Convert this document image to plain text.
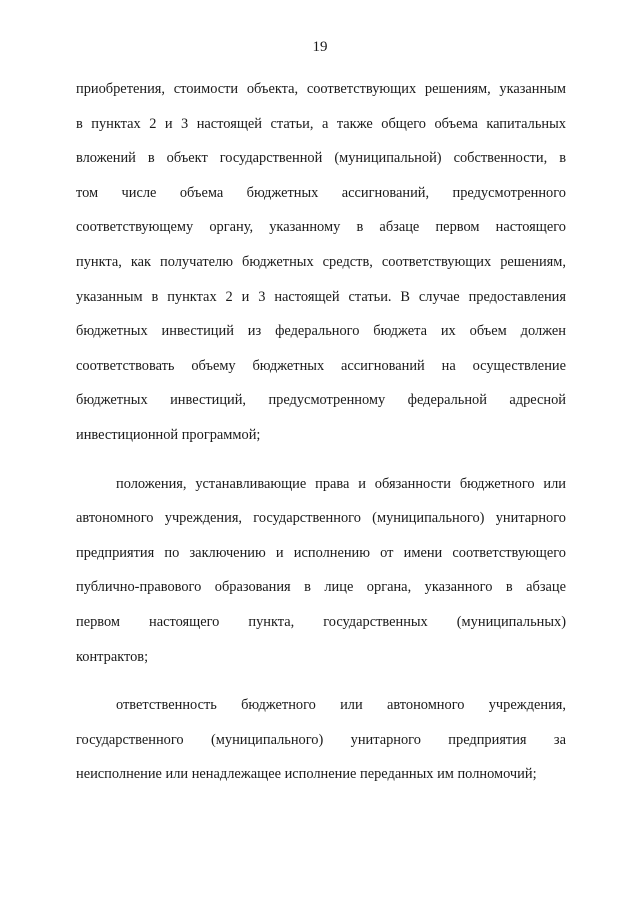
19
приобретения, стоимости объекта, соответствующих решениям, указанным
в пунктах 2 и 3 настоящей статьи, а также общего объема капитальных
вложений в объект государственной (муниципальной) собственности, в
том числе объема бюджетных ассигнований, предусмотренного
соответствующему органу, указанному в абзаце первом настоящего
пункта, как получателю бюджетных средств, соответствующих решениям,
указанным в пунктах 2 и 3 настоящей статьи. В случае предоставления
бюджетных инвестиций из федерального бюджета их объем должен
соответствовать объему бюджетных ассигнований на осуществление
бюджетных инвестиций, предусмотренному федеральной адресной
инвестиционной программой;
положения, устанавливающие права и обязанности бюджетного или
автономного учреждения, государственного (муниципального) унитарного
предприятия по заключению и исполнению от имени соответствующего
публично-правового образования в лице органа, указанного в абзаце
первом настоящего пункта, государственных (муниципальных)
контрактов;
ответственность бюджетного или автономного учреждения,
государственного (муниципального) унитарного предприятия за
неисполнение или ненадлежащее исполнение переданных им полномочий;
